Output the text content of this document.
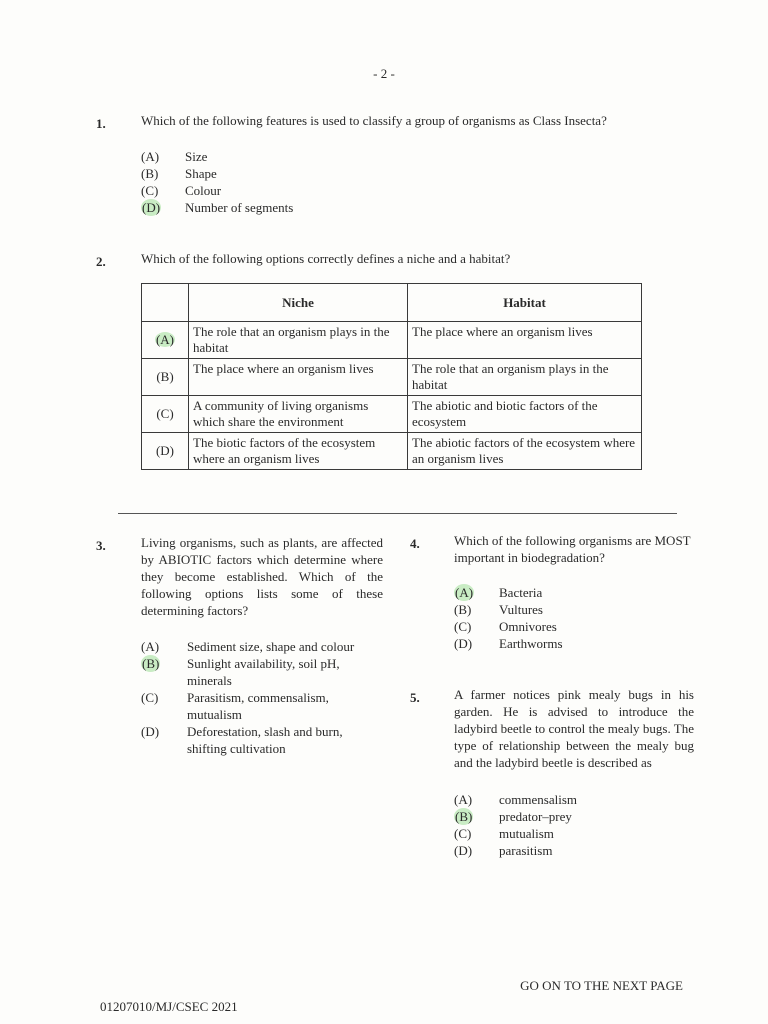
- 2 -
1.	Which of the following features is used to classify a group of organisms as Class Insecta?
(A) Size
(B) Shape
(C) Colour
(D) Number of segments
2.	Which of the following options correctly defines a niche and a habitat?
	Niche	Habitat
(A)	The role that an organism plays in the habitat	The place where an organism lives
(B)	The place where an organism lives	The role that an organism plays in the habitat
(C)	A community of living organisms which share the environment	The abiotic and biotic factors of the ecosystem
(D)	The biotic factors of the ecosystem where an organism lives	The abiotic factors of the ecosystem where an organism lives
3.	Living organisms, such as plants, are affected by ABIOTIC factors which determine where they become established. Which of the following options lists some of these determining factors?
(A) Sediment size, shape and colour
(B) Sunlight availability, soil pH, minerals
(C) Parasitism, commensalism, mutualism
(D) Deforestation, slash and burn, shifting cultivation
4.	Which of the following organisms are MOST important in biodegradation?
(A) Bacteria
(B) Vultures
(C) Omnivores
(D) Earthworms
5.	A farmer notices pink mealy bugs in his garden. He is advised to introduce the ladybird beetle to control the mealy bugs. The type of relationship between the mealy bug and the ladybird beetle is described as
(A) commensalism
(B) predator–prey
(C) mutualism
(D) parasitism
GO ON TO THE NEXT PAGE
01207010/MJ/CSEC 2021
